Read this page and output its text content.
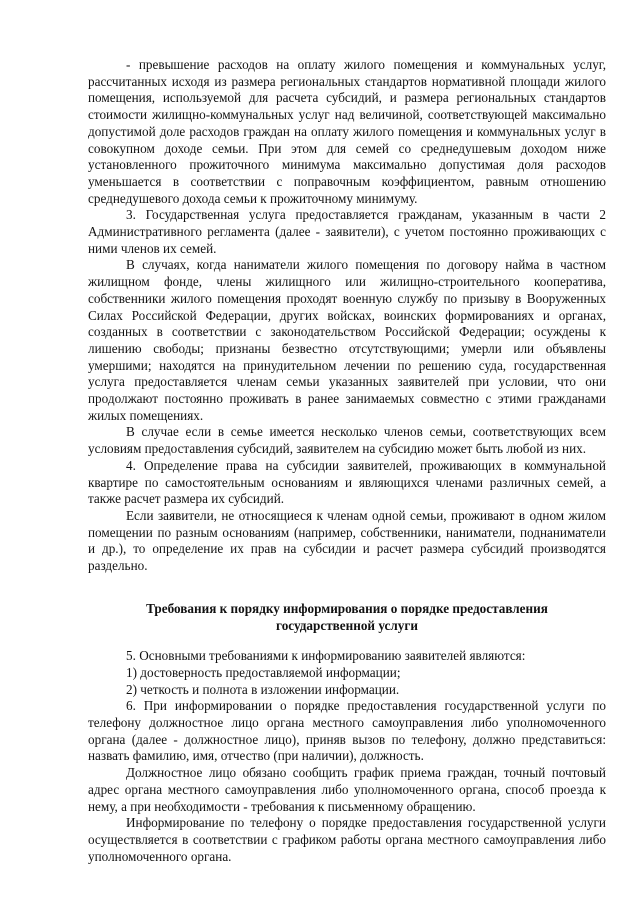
- превышение расходов на оплату жилого помещения и коммунальных услуг, рассчитанных исходя из размера региональных стандартов нормативной площади жилого помещения, используемой для расчета субсидий, и размера региональных стандартов стоимости жилищно-коммунальных услуг над величиной, соответствующей максимально допустимой доле расходов граждан на оплату жилого помещения и коммунальных услуг в совокупном доходе семьи. При этом для семей со среднедушевым доходом ниже установленного прожиточного минимума максимально допустимая доля расходов уменьшается в соответствии с поправочным коэффициентом, равным отношению среднедушевого дохода семьи к прожиточному минимуму.

3. Государственная услуга предоставляется гражданам, указанным в части 2 Административного регламента (далее - заявители), с учетом постоянно проживающих с ними членов их семей.

В случаях, когда наниматели жилого помещения по договору найма в частном жилищном фонде, члены жилищного или жилищно-строительного кооператива, собственники жилого помещения проходят военную службу по призыву в Вооруженных Силах Российской Федерации, других войсках, воинских формированиях и органах, созданных в соответствии с законодательством Российской Федерации; осуждены к лишению свободы; признаны безвестно отсутствующими; умерли или объявлены умершими; находятся на принудительном лечении по решению суда, государственная услуга предоставляется членам семьи указанных заявителей при условии, что они продолжают постоянно проживать в ранее занимаемых совместно с этими гражданами жилых помещениях.

В случае если в семье имеется несколько членов семьи, соответствующих всем условиям предоставления субсидий, заявителем на субсидию может быть любой из них.

4. Определение права на субсидии заявителей, проживающих в коммунальной квартире по самостоятельным основаниям и являющихся членами различных семей, а также расчет размера их субсидий.

Если заявители, не относящиеся к членам одной семьи, проживают в одном жилом помещении по разным основаниям (например, собственники, наниматели, поднаниматели и др.), то определение их прав на субсидии и расчет размера субсидий производятся раздельно.

Требования к порядку информирования о порядке предоставления государственной услуги

5. Основными требованиями к информированию заявителей являются:

1) достоверность предоставляемой информации;

2) четкость и полнота в изложении информации.

6. При информировании о порядке предоставления государственной услуги по телефону должностное лицо органа местного самоуправления либо уполномоченного органа (далее - должностное лицо), приняв вызов по телефону, должно представиться: назвать фамилию, имя, отчество (при наличии), должность.

Должностное лицо обязано сообщить график приема граждан, точный почтовый адрес органа местного самоуправления либо уполномоченного органа, способ проезда к нему, а при необходимости - требования к письменному обращению.

Информирование по телефону о порядке предоставления государственной услуги осуществляется в соответствии с графиком работы органа местного самоуправления либо уполномоченного органа.
